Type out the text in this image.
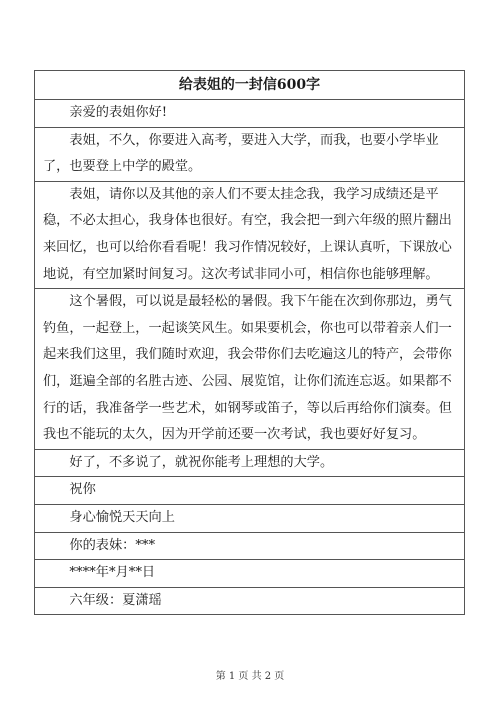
给表姐的一封信600字
亲爱的表姐你好!
表姐，不久，你要进入高考，要进入大学，而我，也要小学毕业了，也要登上中学的殿堂。
表姐，请你以及其他的亲人们不要太挂念我，我学习成绩还是平稳，不必太担心，我身体也很好。有空，我会把一到六年级的照片翻出来回忆，也可以给你看看呢！我习作情况较好，上课认真听，下课放心地说，有空加紧时间复习。这次考试非同小可，相信你也能够理解。
这个暑假，可以说是最轻松的暑假。我下午能在次到你那边，勇气钓鱼，一起登上，一起谈笑风生。如果要机会，你也可以带着亲人们一起来我们这里，我们随时欢迎，我会带你们去吃遍这儿的特产，会带你们，逛遍全部的名胜古迹、公园、展览馆，让你们流连忘返。如果都不行的话，我准备学一些艺术，如钢琴或笛子，等以后再给你们演奏。但我也不能玩的太久，因为开学前还要一次考试，我也要好好复习。
好了，不多说了，就祝你能考上理想的大学。
祝你
身心愉悦天天向上
你的表妹：***
****年*月**日
六年级：夏潇瑶
第 1 页 共 2 页
